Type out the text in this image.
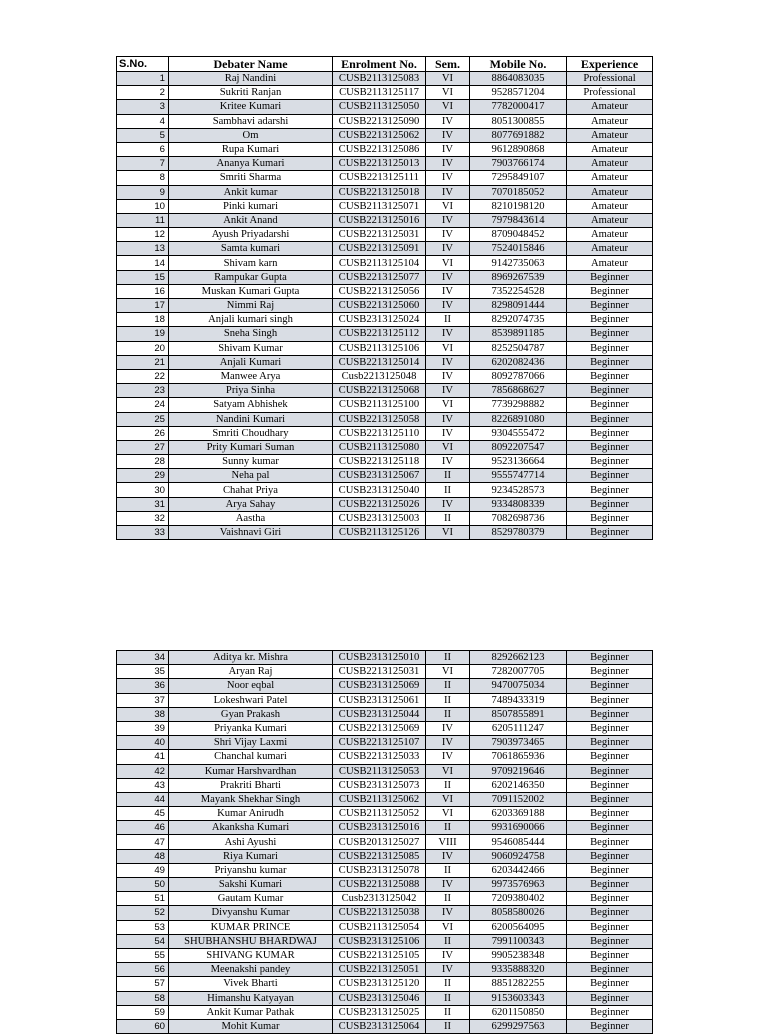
S.No.	Debater Name	Enrolment No.	Sem.	Mobile No.	Experience
1	Raj Nandini	CUSB2113125083	VI	8864083035	Professional
2	Sukriti Ranjan	CUSB2113125117	VI	9528571204	Professional
3	Kritee Kumari	CUSB2113125050	VI	7782000417	Amateur
4	Sambhavi adarshi	CUSB2213125090	IV	8051300855	Amateur
5	Om	CUSB2213125062	IV	8077691882	Amateur
6	Rupa Kumari	CUSB2213125086	IV	9612890868	Amateur
7	Ananya Kumari	CUSB2213125013	IV	7903766174	Amateur
8	Smriti Sharma	CUSB2213125111	IV	7295849107	Amateur
9	Ankit kumar	CUSB2213125018	IV	7070185052	Amateur
10	Pinki kumari	CUSB2113125071	VI	8210198120	Amateur
11	Ankit Anand	CUSB2213125016	IV	7979843614	Amateur
12	Ayush Priyadarshi	CUSB2213125031	IV	8709048452	Amateur
13	Samta kumari	CUSB2213125091	IV	7524015846	Amateur
14	Shivam karn	CUSB2113125104	VI	9142735063	Amateur
15	Rampukar Gupta	CUSB2213125077	IV	8969267539	Beginner
16	Muskan Kumari Gupta	CUSB2213125056	IV	7352254528	Beginner
17	Nimmi Raj	CUSB2213125060	IV	8298091444	Beginner
18	Anjali kumari singh	CUSB2313125024	II	8292074735	Beginner
19	Sneha Singh	CUSB2213125112	IV	8539891185	Beginner
20	Shivam Kumar	CUSB2113125106	VI	8252504787	Beginner
21	Anjali Kumari	CUSB2213125014	IV	6202082436	Beginner
22	Manwee Arya	Cusb2213125048	IV	8092787066	Beginner
23	Priya Sinha	CUSB2213125068	IV	7856868627	Beginner
24	Satyam Abhishek	CUSB2113125100	VI	7739298882	Beginner
25	Nandini Kumari	CUSB2213125058	IV	8226891080	Beginner
26	Smriti Choudhary	CUSB2213125110	IV	9304555472	Beginner
27	Prity Kumari Suman	CUSB2113125080	VI	8092207547	Beginner
28	Sunny kumar	CUSB2213125118	IV	9523136664	Beginner
29	Neha pal	CUSB2313125067	II	9555747714	Beginner
30	Chahat Priya	CUSB2313125040	II	9234528573	Beginner
31	Arya Sahay	CUSB2213125026	IV	9334808339	Beginner
32	Aastha	CUSB2313125003	II	7082698736	Beginner
33	Vaishnavi Giri	CUSB2113125126	VI	8529780379	Beginner
34	Aditya kr. Mishra	CUSB2313125010	II	8292662123	Beginner
35	Aryan Raj	CUSB2213125031	VI	7282007705	Beginner
36	Noor eqbal	CUSB2313125069	II	9470075034	Beginner
37	Lokeshwari Patel	CUSB2313125061	II	7489433319	Beginner
38	Gyan Prakash	CUSB2313125044	II	8507855891	Beginner
39	Priyanka Kumari	CUSB2213125069	IV	6205111247	Beginner
40	Shri Vijay Laxmi	CUSB2213125107	IV	7903973465	Beginner
41	Chanchal kumari	CUSB2213125033	IV	7061865936	Beginner
42	Kumar Harshvardhan	CUSB2113125053	VI	9709219646	Beginner
43	Prakriti Bharti	CUSB2313125073	II	6202146350	Beginner
44	Mayank Shekhar Singh	CUSB2113125062	VI	7091152002	Beginner
45	Kumar Anirudh	CUSB2113125052	VI	6203369188	Beginner
46	Akanksha Kumari	CUSB2313125016	II	9931690066	Beginner
47	Ashi Ayushi	CUSB2013125027	VIII	9546085444	Beginner
48	Riya Kumari	CUSB2213125085	IV	9060924758	Beginner
49	Priyanshu kumar	CUSB2313125078	II	6203442466	Beginner
50	Sakshi Kumari	CUSB2213125088	IV	9973576963	Beginner
51	Gautam Kumar	Cusb2313125042	II	7209380402	Beginner
52	Divyanshu Kumar	CUSB2213125038	IV	8058580026	Beginner
53	KUMAR PRINCE	CUSB2113125054	VI	6200564095	Beginner
54	SHUBHANSHU BHARDWAJ	CUSB2313125106	II	7991100343	Beginner
55	SHIVANG KUMAR	CUSB2213125105	IV	9905238348	Beginner
56	Meenakshi pandey	CUSB2213125051	IV	9335888320	Beginner
57	Vivek Bharti	CUSB2313125120	II	8851282255	Beginner
58	Himanshu Katyayan	CUSB2313125046	II	9153603343	Beginner
59	Ankit Kumar Pathak	CUSB2313125025	II	6201150850	Beginner
60	Mohit Kumar	CUSB2313125064	II	6299297563	Beginner
